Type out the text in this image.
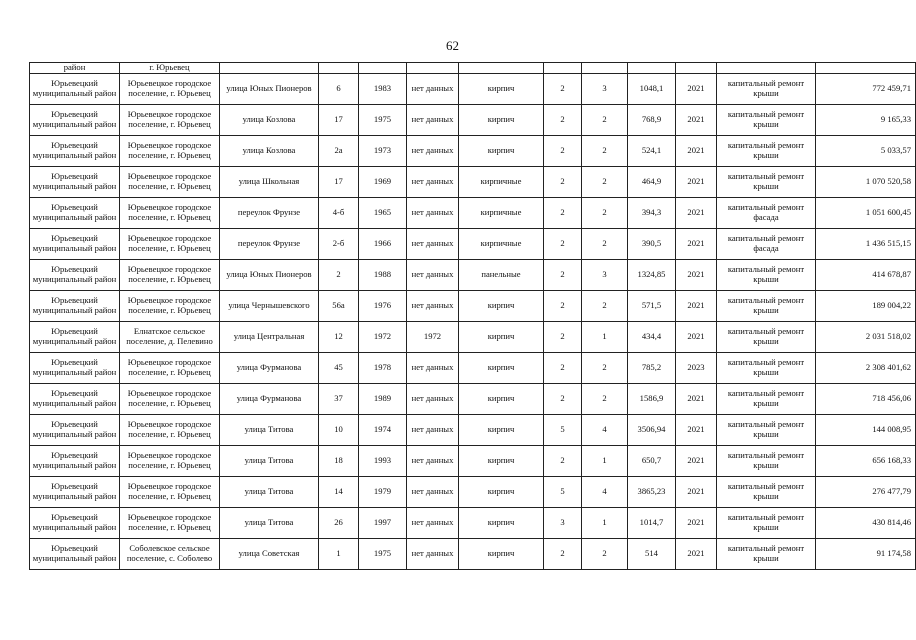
62
район	г. Юрьевец											
Юрьевецкий муниципальный район	Юрьевецкое городское поселение, г. Юрьевец	улица Юных Пионеров	6	1983	нет данных	кирпич	2	3	1048,1	2021	капитальный ремонт крыши	772 459,71
Юрьевецкий муниципальный район	Юрьевецкое городское поселение, г. Юрьевец	улица Козлова	17	1975	нет данных	кирпич	2	2	768,9	2021	капитальный ремонт крыши	9 165,33
Юрьевецкий муниципальный район	Юрьевецкое городское поселение, г. Юрьевец	улица Козлова	2а	1973	нет данных	кирпич	2	2	524,1	2021	капитальный ремонт крыши	5 033,57
Юрьевецкий муниципальный район	Юрьевецкое городское поселение, г. Юрьевец	улица Школьная	17	1969	нет данных	кирпичные	2	2	464,9	2021	капитальный ремонт крыши	1 070 520,58
Юрьевецкий муниципальный район	Юрьевецкое городское поселение, г. Юрьевец	переулок Фрунзе	4-б	1965	нет данных	кирпичные	2	2	394,3	2021	капитальный ремонт фасада	1 051 600,45
Юрьевецкий муниципальный район	Юрьевецкое городское поселение, г. Юрьевец	переулок Фрунзе	2-б	1966	нет данных	кирпичные	2	2	390,5	2021	капитальный ремонт фасада	1 436 515,15
Юрьевецкий муниципальный район	Юрьевецкое городское поселение, г. Юрьевец	улица Юных Пионеров	2	1988	нет данных	панельные	2	3	1324,85	2021	капитальный ремонт крыши	414 678,87
Юрьевецкий муниципальный район	Юрьевецкое городское поселение, г. Юрьевец	улица Чернышевского	56а	1976	нет данных	кирпич	2	2	571,5	2021	капитальный ремонт крыши	189 004,22
Юрьевецкий муниципальный район	Елнатское сельское поселение, д. Пелевино	улица Центральная	12	1972	1972	кирпич	2	1	434,4	2021	капитальный ремонт крыши	2 031 518,02
Юрьевецкий муниципальный район	Юрьевецкое городское поселение, г. Юрьевец	улица Фурманова	45	1978	нет данных	кирпич	2	2	785,2	2023	капитальный ремонт крыши	2 308 401,62
Юрьевецкий муниципальный район	Юрьевецкое городское поселение, г. Юрьевец	улица Фурманова	37	1989	нет данных	кирпич	2	2	1586,9	2021	капитальный ремонт крыши	718 456,06
Юрьевецкий муниципальный район	Юрьевецкое городское поселение, г. Юрьевец	улица Титова	10	1974	нет данных	кирпич	5	4	3506,94	2021	капитальный ремонт крыши	144 008,95
Юрьевецкий муниципальный район	Юрьевецкое городское поселение, г. Юрьевец	улица Титова	18	1993	нет данных	кирпич	2	1	650,7	2021	капитальный ремонт крыши	656 168,33
Юрьевецкий муниципальный район	Юрьевецкое городское поселение, г. Юрьевец	улица Титова	14	1979	нет данных	кирпич	5	4	3865,23	2021	капитальный ремонт крыши	276 477,79
Юрьевецкий муниципальный район	Юрьевецкое городское поселение, г. Юрьевец	улица Титова	26	1997	нет данных	кирпич	3	1	1014,7	2021	капитальный ремонт крыши	430 814,46
Юрьевецкий муниципальный район	Соболевское сельское поселение, с. Соболево	улица Советская	1	1975	нет данных	кирпич	2	2	514	2021	капитальный ремонт крыши	91 174,58
